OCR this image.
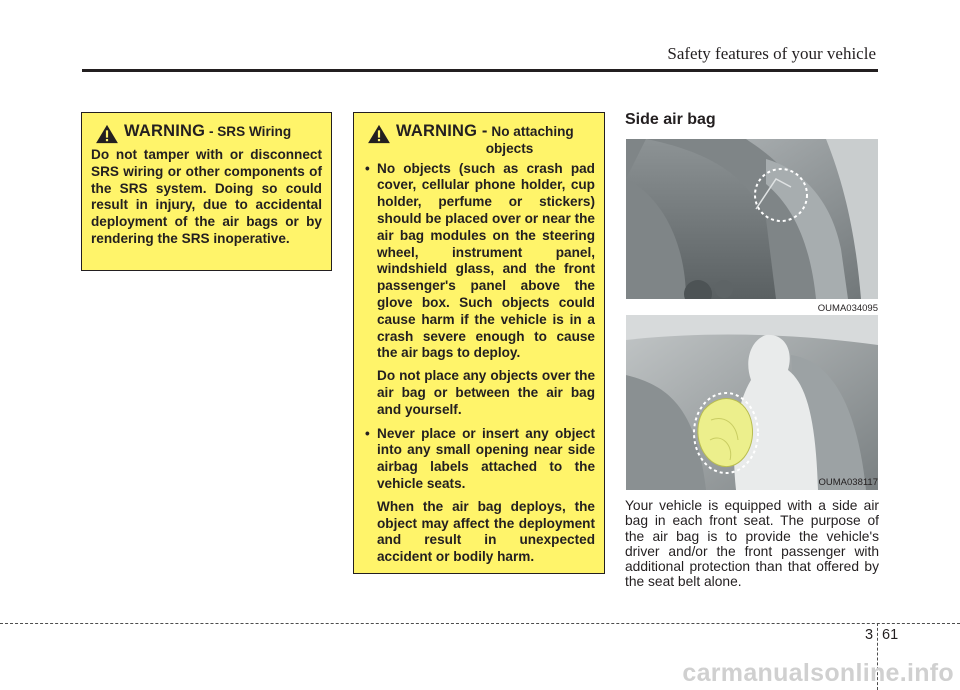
Safety features of your vehicle
WARNING - SRS Wiring
Do not tamper with or disconnect SRS wiring or other components of the SRS system. Doing so could result in injury, due to accidental deployment of the air bags or by rendering the SRS inoperative.
WARNING - No attaching
objects
• No objects (such as crash pad cover, cellular phone holder, cup holder, perfume or stickers) should be placed over or near the air bag modules on the steering wheel, instrument panel, windshield glass, and the front passenger's panel above the glove box. Such objects could cause harm if the vehicle is in a crash severe enough to cause the air bags to deploy.

Do not place any objects over the air bag or between the air bag and yourself.

• Never place or insert any object into any small opening near side airbag labels attached to the vehicle seats.

When the air bag deploys, the object may affect the deployment and result in unexpected accident or bodily harm.

Side air bag
OUMA034095
OUMA038117
Your vehicle is equipped with a side air bag in each front seat. The purpose of the air bag is to provide the vehicle's driver and/or the front passenger with additional protection than that offered by the seat belt alone.
3 61
carmanualsonline.info
